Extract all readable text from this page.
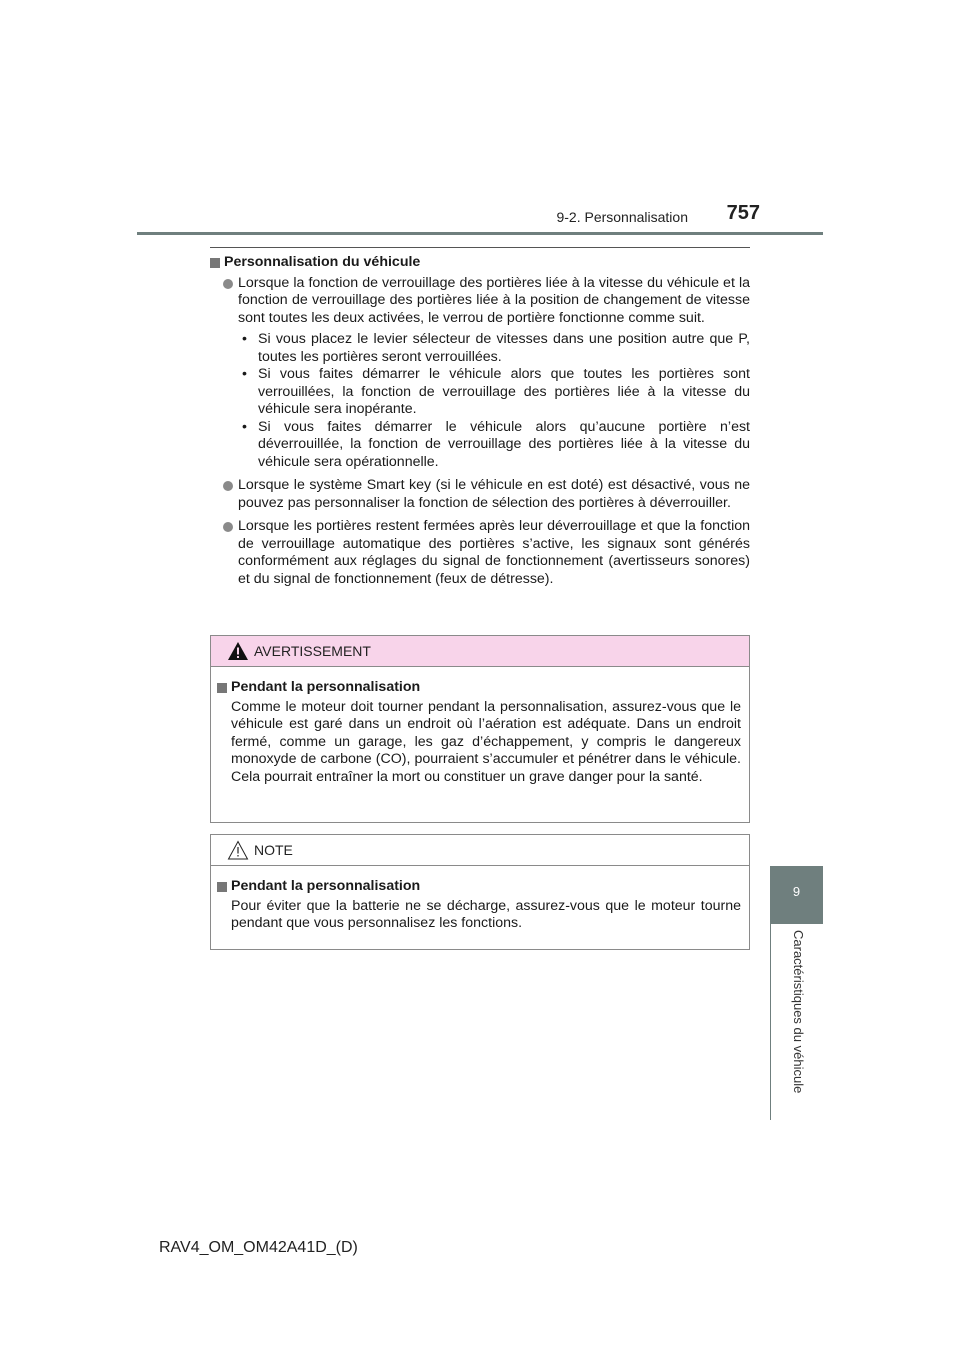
9-2. Personnalisation	757
9
Caractéristiques du véhicule
Personnalisation du véhicule
Lorsque la fonction de verrouillage des portières liée à la vitesse du véhicule et la fonction de verrouillage des portières liée à la position de changement de vitesse sont toutes les deux activées, le verrou de portière fonctionne comme suit.
• Si vous placez le levier sélecteur de vitesses dans une position autre que P, toutes les portières seront verrouillées.
• Si vous faites démarrer le véhicule alors que toutes les portières sont verrouillées, la fonction de verrouillage des portières liée à la vitesse du véhicule sera inopérante.
• Si vous faites démarrer le véhicule alors qu’aucune portière n’est déverrouillée, la fonction de verrouillage des portières liée à la vitesse du véhicule sera opérationnelle.
Lorsque le système Smart key (si le véhicule en est doté) est désactivé, vous ne pouvez pas personnaliser la fonction de sélection des portières à déverrouiller.
Lorsque les portières restent fermées après leur déverrouillage et que la fonction de verrouillage automatique des portières s’active, les signaux sont générés conformément aux réglages du signal de fonctionnement (avertisseurs sonores) et du signal de fonctionnement (feux de détresse).
AVERTISSEMENT
Pendant la personnalisation
Comme le moteur doit tourner pendant la personnalisation, assurez-vous que le véhicule est garé dans un endroit où l’aération est adéquate. Dans un endroit fermé, comme un garage, les gaz d’échappement, y compris le dangereux monoxyde de carbone (CO), pourraient s’accumuler et pénétrer dans le véhicule. Cela pourrait entraîner la mort ou constituer un grave danger pour la santé.
NOTE
Pendant la personnalisation
Pour éviter que la batterie ne se décharge, assurez-vous que le moteur tourne pendant que vous personnalisez les fonctions.
RAV4_OM_OM42A41D_(D)
